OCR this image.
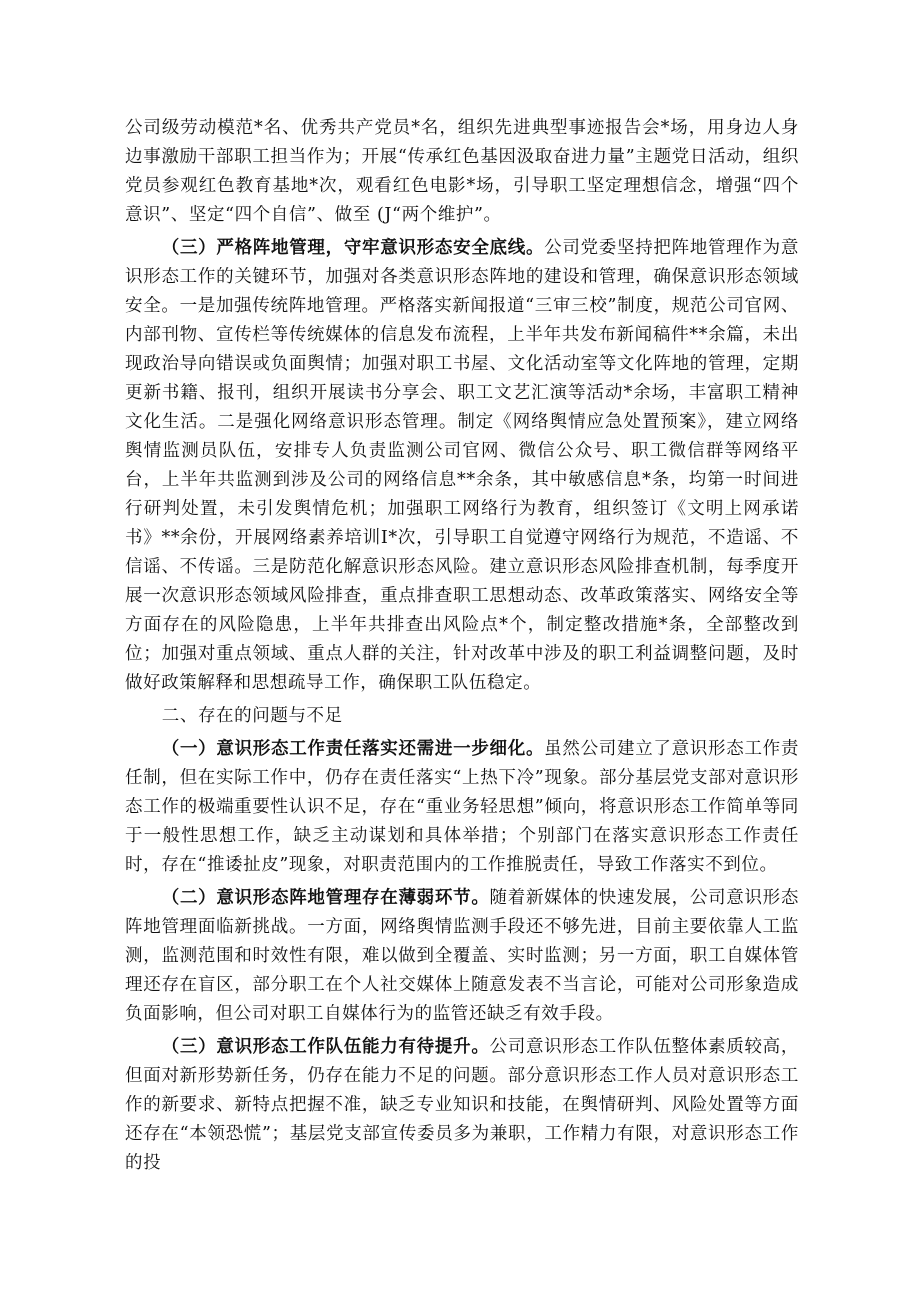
公司级劳动模范*名、优秀共产党员*名，组织先进典型事迹报告会*场，用身边人身边事激励干部职工担当作为；开展“传承红色基因汲取奋进力量”主题党日活动，组织党员参观红色教育基地*次，观看红色电影*场，引导职工坚定理想信念，增强“四个意识”、坚定“四个自信”、做至 (J“两个维护”。

（三）严格阵地管理，守牢意识形态安全底线。公司党委坚持把阵地管理作为意识形态工作的关键环节，加强对各类意识形态阵地的建设和管理，确保意识形态领域安全。一是加强传统阵地管理。严格落实新闻报道“三审三校”制度，规范公司官网、内部刊物、宣传栏等传统媒体的信息发布流程，上半年共发布新闻稿件**余篇，未出现政治导向错误或负面舆情；加强对职工书屋、文化活动室等文化阵地的管理，定期更新书籍、报刊，组织开展读书分享会、职工文艺汇演等活动*余场，丰富职工精神文化生活。二是强化网络意识形态管理。制定《网络舆情应急处置预案》，建立网络舆情监测员队伍，安排专人负责监测公司官网、微信公众号、职工微信群等网络平台，上半年共监测到涉及公司的网络信息**余条，其中敏感信息*条，均第一时间进行研判处置，未引发舆情危机；加强职工网络行为教育，组织签订《文明上网承诺书》**余份，开展网络素养培训I*次，引导职工自觉遵守网络行为规范，不造谣、不信谣、不传谣。三是防范化解意识形态风险。建立意识形态风险排查机制，每季度开展一次意识形态领域风险排查，重点排查职工思想动态、改革政策落实、网络安全等方面存在的风险隐患，上半年共排查出风险点*个，制定整改措施*条，全部整改到位；加强对重点领域、重点人群的关注，针对改革中涉及的职工利益调整问题，及时做好政策解释和思想疏导工作，确保职工队伍稳定。

二、存在的问题与不足

（一）意识形态工作责任落实还需进一步细化。虽然公司建立了意识形态工作责任制，但在实际工作中，仍存在责任落实“上热下冷”现象。部分基层党支部对意识形态工作的极端重要性认识不足，存在“重业务轻思想”倾向，将意识形态工作简单等同于一般性思想工作，缺乏主动谋划和具体举措；个别部门在落实意识形态工作责任时，存在“推诿扯皮”现象，对职责范围内的工作推脱责任，导致工作落实不到位。

（二）意识形态阵地管理存在薄弱环节。随着新媒体的快速发展，公司意识形态阵地管理面临新挑战。一方面，网络舆情监测手段还不够先进，目前主要依靠人工监测，监测范围和时效性有限，难以做到全覆盖、实时监测；另一方面，职工自媒体管理还存在盲区，部分职工在个人社交媒体上随意发表不当言论，可能对公司形象造成负面影响，但公司对职工自媒体行为的监管还缺乏有效手段。

（三）意识形态工作队伍能力有待提升。公司意识形态工作队伍整体素质较高，但面对新形势新任务，仍存在能力不足的问题。部分意识形态工作人员对意识形态工作的新要求、新特点把握不准，缺乏专业知识和技能，在舆情研判、风险处置等方面还存在“本领恐慌”；基层党支部宣传委员多为兼职，工作精力有限，对意识形态工作的投
